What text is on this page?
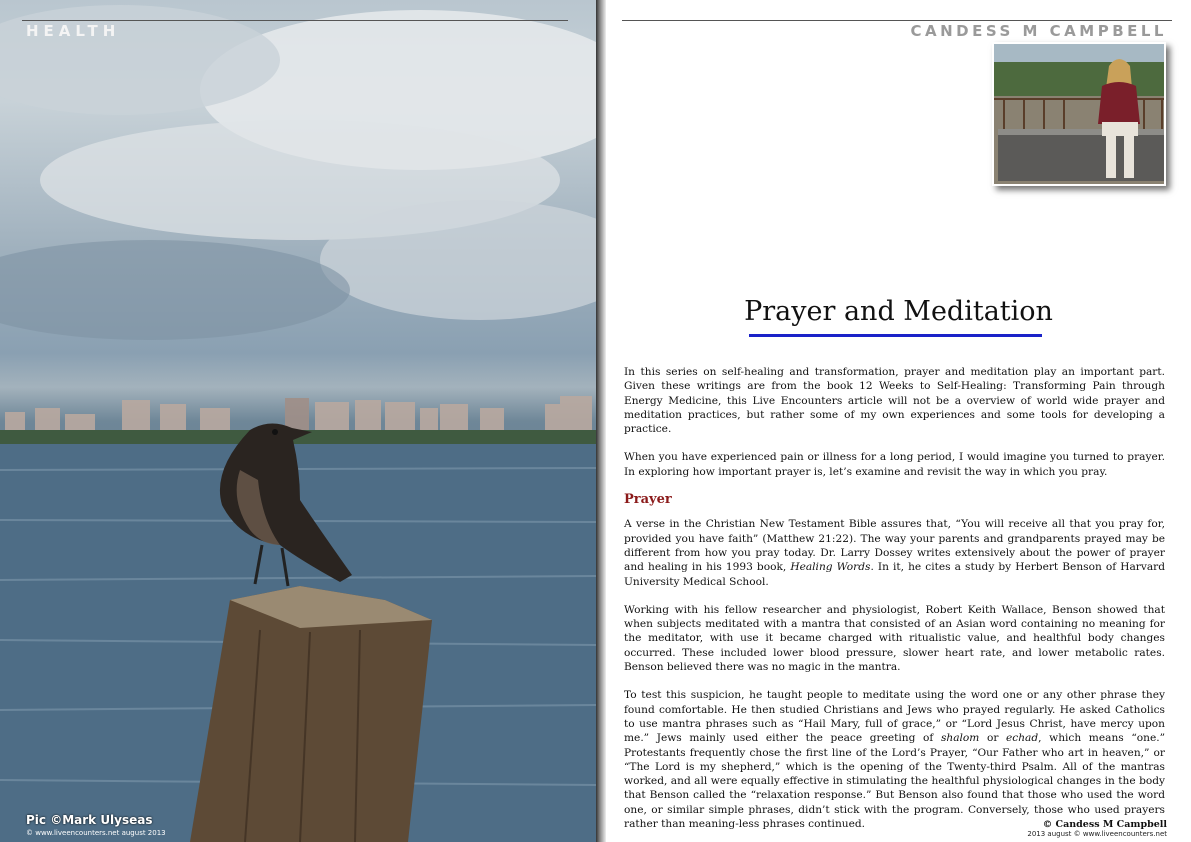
HEALTH
Pic ©Mark Ulyseas
© www.liveencounters.net august 2013
CANDESS M CAMPBELL
Prayer and Meditation

In this series on self-healing and transformation, prayer and meditation play an important part. Given these writings are from the book 12 Weeks to Self-Healing: Transforming Pain through Energy Medicine, this Live Encounters article will not be a overview of world wide prayer and meditation practices, but rather some of my own experiences and some tools for developing a practice.

When you have experienced pain or illness for a long period, I would imagine you turned to prayer. In exploring how important prayer is, let’s examine and revisit the way in which you pray.

Prayer

A verse in the Christian New Testament Bible assures that, “You will receive all that you pray for, provided you have faith” (Matthew 21:22). The way your parents and grandparents prayed may be different from how you pray today. Dr. Larry Dossey writes extensively about the power of prayer and healing in his 1993 book, Healing Words. In it, he cites a study by Herbert Benson of Harvard University Medical School.

Working with his fellow researcher and physiologist, Robert Keith Wallace, Benson showed that when subjects meditated with a mantra that consisted of an Asian word containing no meaning for the meditator, with use it became charged with ritualistic value, and healthful body changes occurred. These included lower blood pressure, slower heart rate, and lower metabolic rates. Benson believed there was no magic in the mantra.

To test this suspicion, he taught people to meditate using the word one or any other phrase they found comfortable. He then studied Christians and Jews who prayed regularly. He asked Catholics to use mantra phrases such as “Hail Mary, full of grace,” or “Lord Jesus Christ, have mercy upon me.” Jews mainly used either the peace greeting of shalom or echad, which means “one.” Protestants frequently chose the first line of the Lord’s Prayer, “Our Father who art in heaven,” or “The Lord is my shepherd,” which is the opening of the Twenty-third Psalm. All of the mantras worked, and all were equally effective in stimulating the healthful physiological changes in the body that Benson called the “relaxation response.” But Benson also found that those who used the word one, or similar simple phrases, didn’t stick with the program. Conversely, those who used prayers rather than meaning-less phrases continued.	© Candess M Campbell
2013 august © www.liveencounters.net
